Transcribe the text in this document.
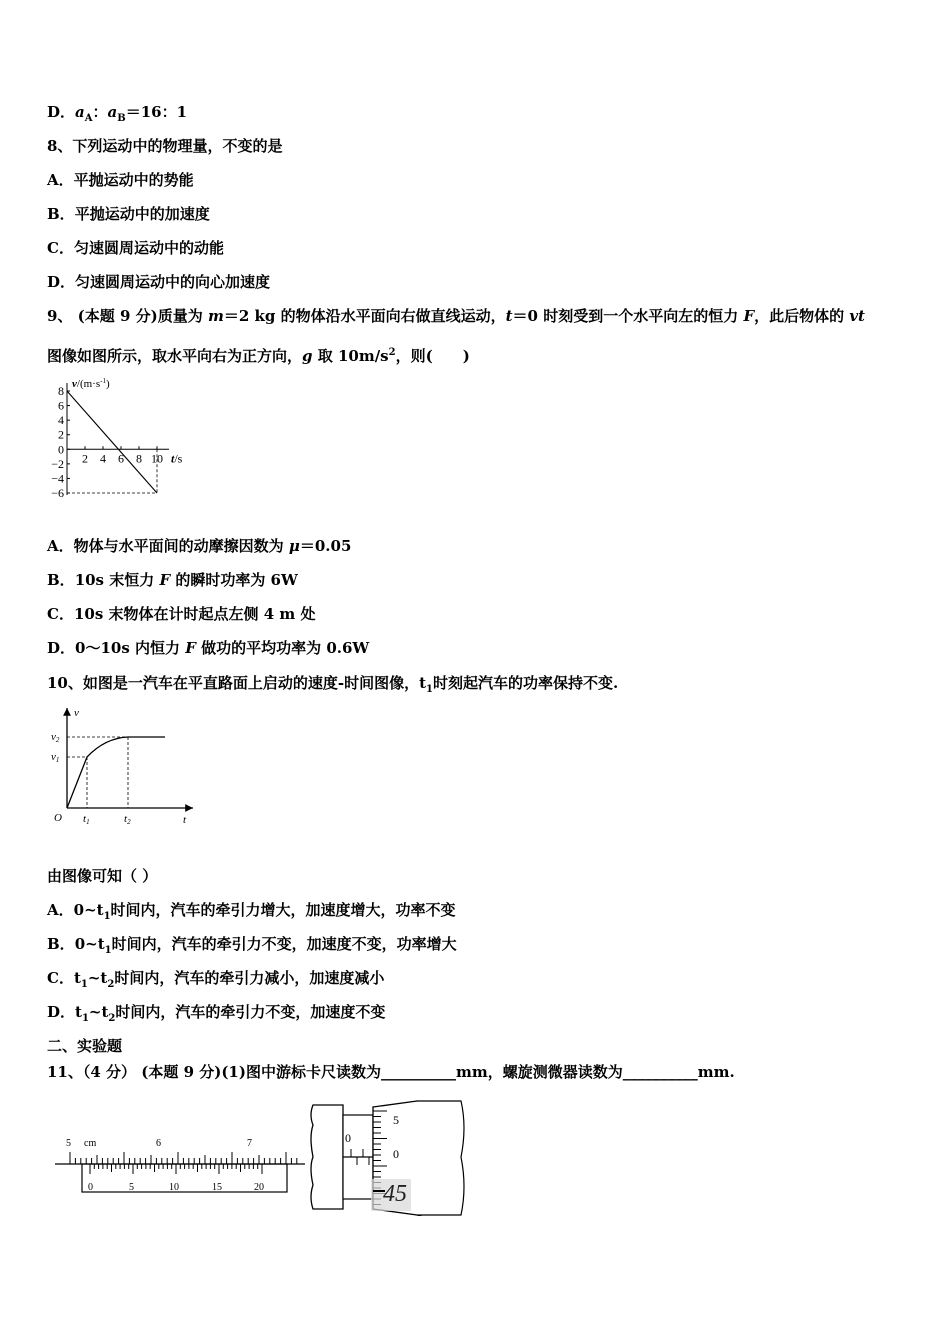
D．$a_A$：$a_B=16$：1
8、下列运动中的物理量，不变的是
A．平抛运动中的势能
B．平抛运动中的加速度
C．匀速圆周运动中的动能
D．匀速圆周运动中的向心加速度
9、 (本题 9 分)质量为 m＝2 kg 的物体沿水平面向右做直线运动，t＝0 时刻受到一个水平向左的恒力 F，此后物体的 vt
图像如图所示，取水平向右为正方向，g 取 $10m/s^2$，则(　　)
8
6
4
2
0
−2
−4
−6
2 4 6 8 10
$v/(m\cdot s^{-1})$
t/s
A．物体与水平面间的动摩擦因数为 μ＝0.05
B．10s 末恒力 F 的瞬时功率为 6W
C．10s 末物体在计时起点左侧 4 m 处
D．0～10s 内恒力 F 做功的平均功率为 0.6W
10、如图是一汽车在平直路面上启动的速度-时间图像，$t_1$时刻起汽车的功率保持不变.
v
v2
v1
O t1	t2	t
由图像可知（ ）
A．$0\sim t_1$时间内，汽车的牵引力增大，加速度增大，功率不变
B．$0\sim t_1$时间内，汽车的牵引力不变，加速度不变，功率增大
C．$t_1\sim t_2$时间内，汽车的牵引力减小，加速度减小
D．$t_1\sim t_2$时间内，汽车的牵引力不变，加速度不变
二、实验题
11、（4 分） (本题 9 分)(1)图中游标卡尺读数为__________mm，螺旋测微器读数为__________mm.
5 cm	6	7
0	5	10	15	20
0
5
0
45
